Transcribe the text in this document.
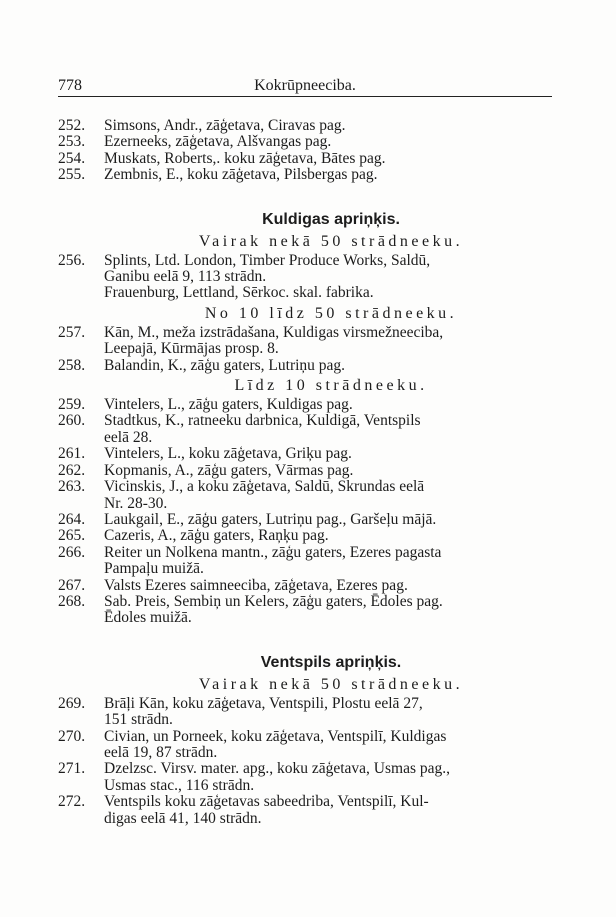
778	Kokrūpneeciba.
252.	Simsons, Andr., zāģetava, Ciravas pag.
253.	Ezerneeks, zāģetava, Alšvangas pag.
254.	Muskats, Roberts,. koku zāģetava, Bātes pag.
255.	Zembnis, E., koku zāģetava, Pilsbergas pag.
Kuldigas apriņķis.
Vairak nekā 50 strādneeku.
256.	Splints, Ltd. London, Timber Produce Works, Saldū,
Ganibu eelā 9, 113 strādn.
Frauenburg, Lettland, Sērkoc. skal. fabrika.
No 10 līdz 50 strādneeku.
257.	Kān, M., meža izstrādašana, Kuldigas virsmežneeciba,
Leepajā, Kūrmājas prosp. 8.
258.	Balandin, K., zāģu gaters, Lutriņu pag.
Līdz 10 strādneeku.
259.	Vintelers, L., zāģu gaters, Kuldigas pag.
260.	Stadtkus, K., ratneeku darbnica, Kuldigā, Ventspils
eelā 28.
261.	Vintelers, L., koku zāģetava, Griķu pag.
262.	Kopmanis, A., zāģu gaters, Vārmas pag.
263.	Vicinskis, J., a koku zāģetava, Saldū, Skrundas eelā
Nr. 28-30.
264.	Laukgail, E., zāģu gaters, Lutriņu pag., Garšeļu mājā.
265.	Cazeris, A., zāģu gaters, Raņķu pag.
266.	Reiter un Nolkena mantn., zāģu gaters, Ezeres pagasta
Pampaļu muižā.
267.	Valsts Ezeres saimneeciba, zāģetava, Ezeres pag.
268.	Sab. Preis, Sembiņ un Kelers, zāģu gaters, Ēdoles pag.
Ēdoles muižā.
Ventspils apriņķis.
Vairak nekā 50 strādneeku.
269.	Brāļi Kān, koku zāģetava, Ventspili, Plostu eelā 27,
151 strādn.
270.	Civian, un Porneek, koku zāģetava, Ventspilī, Kuldigas
eelā 19, 87 strādn.
271.	Dzelzsc. Virsv. mater. apg., koku zāģetava, Usmas pag.,
Usmas stac., 116 strādn.
272.	Ventspils koku zāģetavas sabeedriba, Ventspilī, Kul-
digas eelā 41, 140 strādn.
